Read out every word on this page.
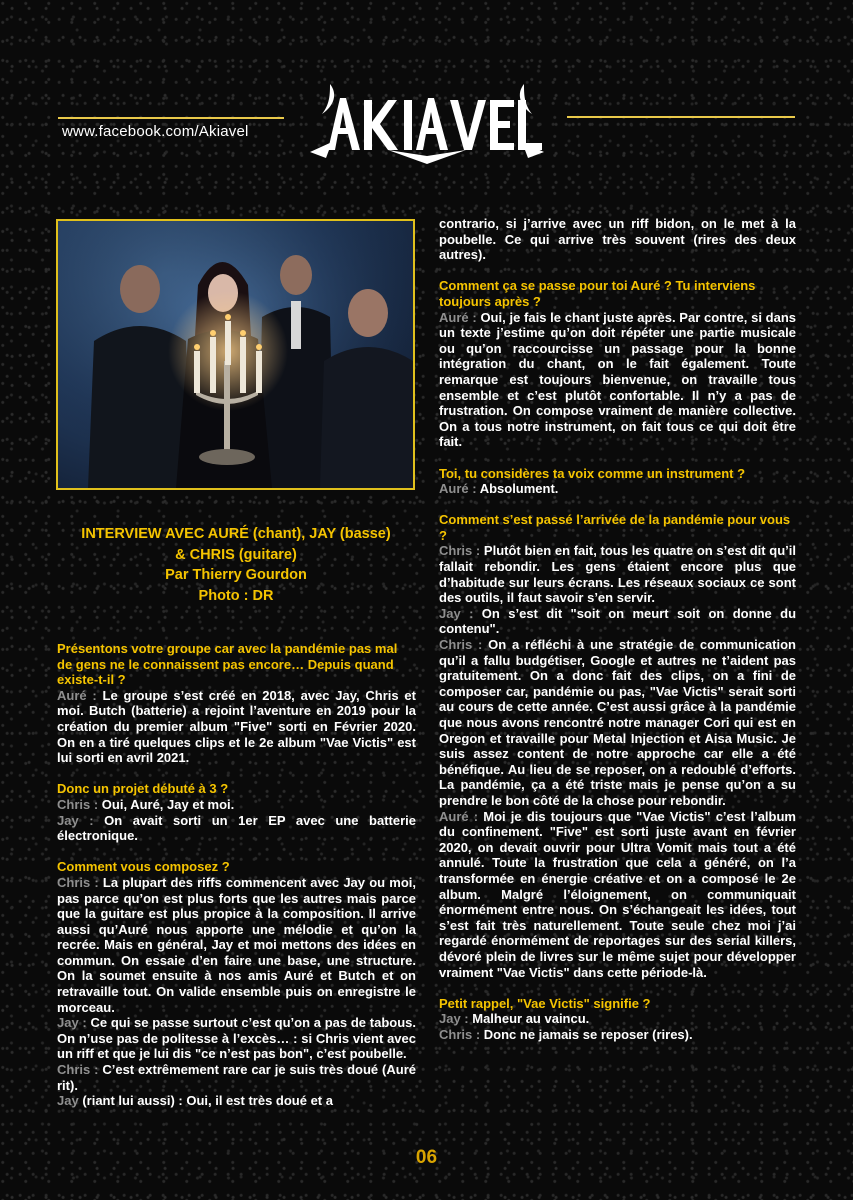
www.facebook.com/Akiavel
INTERVIEW AVEC AURÉ (chant), JAY (basse)
& CHRIS (guitare)
Par Thierry Gourdon
Photo : DR

Présentons votre groupe car avec la pandémie pas mal de gens ne le connaissent pas encore… Depuis quand existe-t-il ?

Auré : Le groupe s’est créé en 2018, avec Jay, Chris et moi. Butch (batterie) a rejoint l’aventure en 2019 pour la création du premier album "Five" sorti en Février 2020. On en a tiré quelques clips et le 2e album "Vae Victis" est lui sorti en avril 2021.

Donc un projet débuté à 3 ?

Chris : Oui, Auré, Jay et moi.

Jay : On avait sorti un 1er EP avec une batterie électronique.

Comment vous composez ?

Chris : La plupart des riffs commencent avec Jay ou moi, pas parce qu’on est plus forts que les autres mais parce que la guitare est plus propice à la composition. Il arrive aussi qu’Auré nous apporte une mélodie et qu’on la recrée. Mais en général, Jay et moi mettons des idées en commun. On essaie d’en faire une base, une structure. On la soumet ensuite à nos amis Auré et Butch et on retravaille tout. On valide ensemble puis on enregistre le morceau.

Jay : Ce qui se passe surtout c’est qu’on a pas de tabous. On n’use pas de politesse à l’excès… : si Chris vient avec un riff et que je lui dis "ce n’est pas bon", c’est poubelle.

Chris : C’est extrêmement rare car je suis très doué (Auré rit).

Jay (riant lui aussi) : Oui, il est très doué et a

contrario, si j’arrive avec un riff bidon, on le met à la poubelle. Ce qui arrive très souvent (rires des deux autres).

Comment ça se passe pour toi Auré ? Tu interviens toujours après ?

Auré : Oui, je fais le chant juste après. Par contre, si dans un texte j’estime qu’on doit répéter une partie musicale ou qu’on raccourcisse un passage pour la bonne intégration du chant, on le fait également. Toute remarque est toujours bienvenue, on travaille tous ensemble et c’est plutôt confortable. Il n’y a pas de frustration. On compose vraiment de manière collective. On a tous notre instrument, on fait tous ce qui doit être fait.

Toi, tu considères ta voix comme un instrument ?

Auré : Absolument.

Comment s’est passé l’arrivée de la pandémie pour vous ?

Chris : Plutôt bien en fait, tous les quatre on s’est dit qu’il fallait rebondir. Les gens étaient encore plus que d’habitude sur leurs écrans. Les réseaux sociaux ce sont des outils, il faut savoir s’en servir.

Jay : On s’est dit "soit on meurt soit on donne du contenu".

Chris : On a réfléchi à une stratégie de communication qu’il a fallu budgétiser, Google et autres ne t’aident pas gratuitement. On a donc fait des clips, on a fini de composer car, pandémie ou pas, "Vae Victis" serait sorti au cours de cette année. C’est aussi grâce à la pandémie que nous avons rencontré notre manager Cori qui est en Oregon et travaille pour Metal Injection et Aisa Music. Je suis assez content de notre approche car elle a été bénéfique. Au lieu de se reposer, on a redoublé d’efforts. La pandémie, ça a été triste mais je pense qu’on a su prendre le bon côté de la chose pour rebondir.

Auré : Moi je dis toujours que "Vae Victis" c’est l’album du confinement. "Five" est sorti juste avant en février 2020, on devait ouvrir pour Ultra Vomit mais tout a été annulé. Toute la frustration que cela a généré, on l’a transformée en énergie créative et on a composé le 2e album. Malgré l’éloignement, on communiquait énormément entre nous. On s’échangeait les idées, tout s’est fait très naturellement. Toute seule chez moi j’ai regardé énormément de reportages sur des serial killers, dévoré plein de livres sur le même sujet pour développer vraiment "Vae Victis" dans cette période-là.

Petit rappel, "Vae Victis" signifie ?

Jay : Malheur au vaincu.

Chris : Donc ne jamais se reposer (rires).

06
